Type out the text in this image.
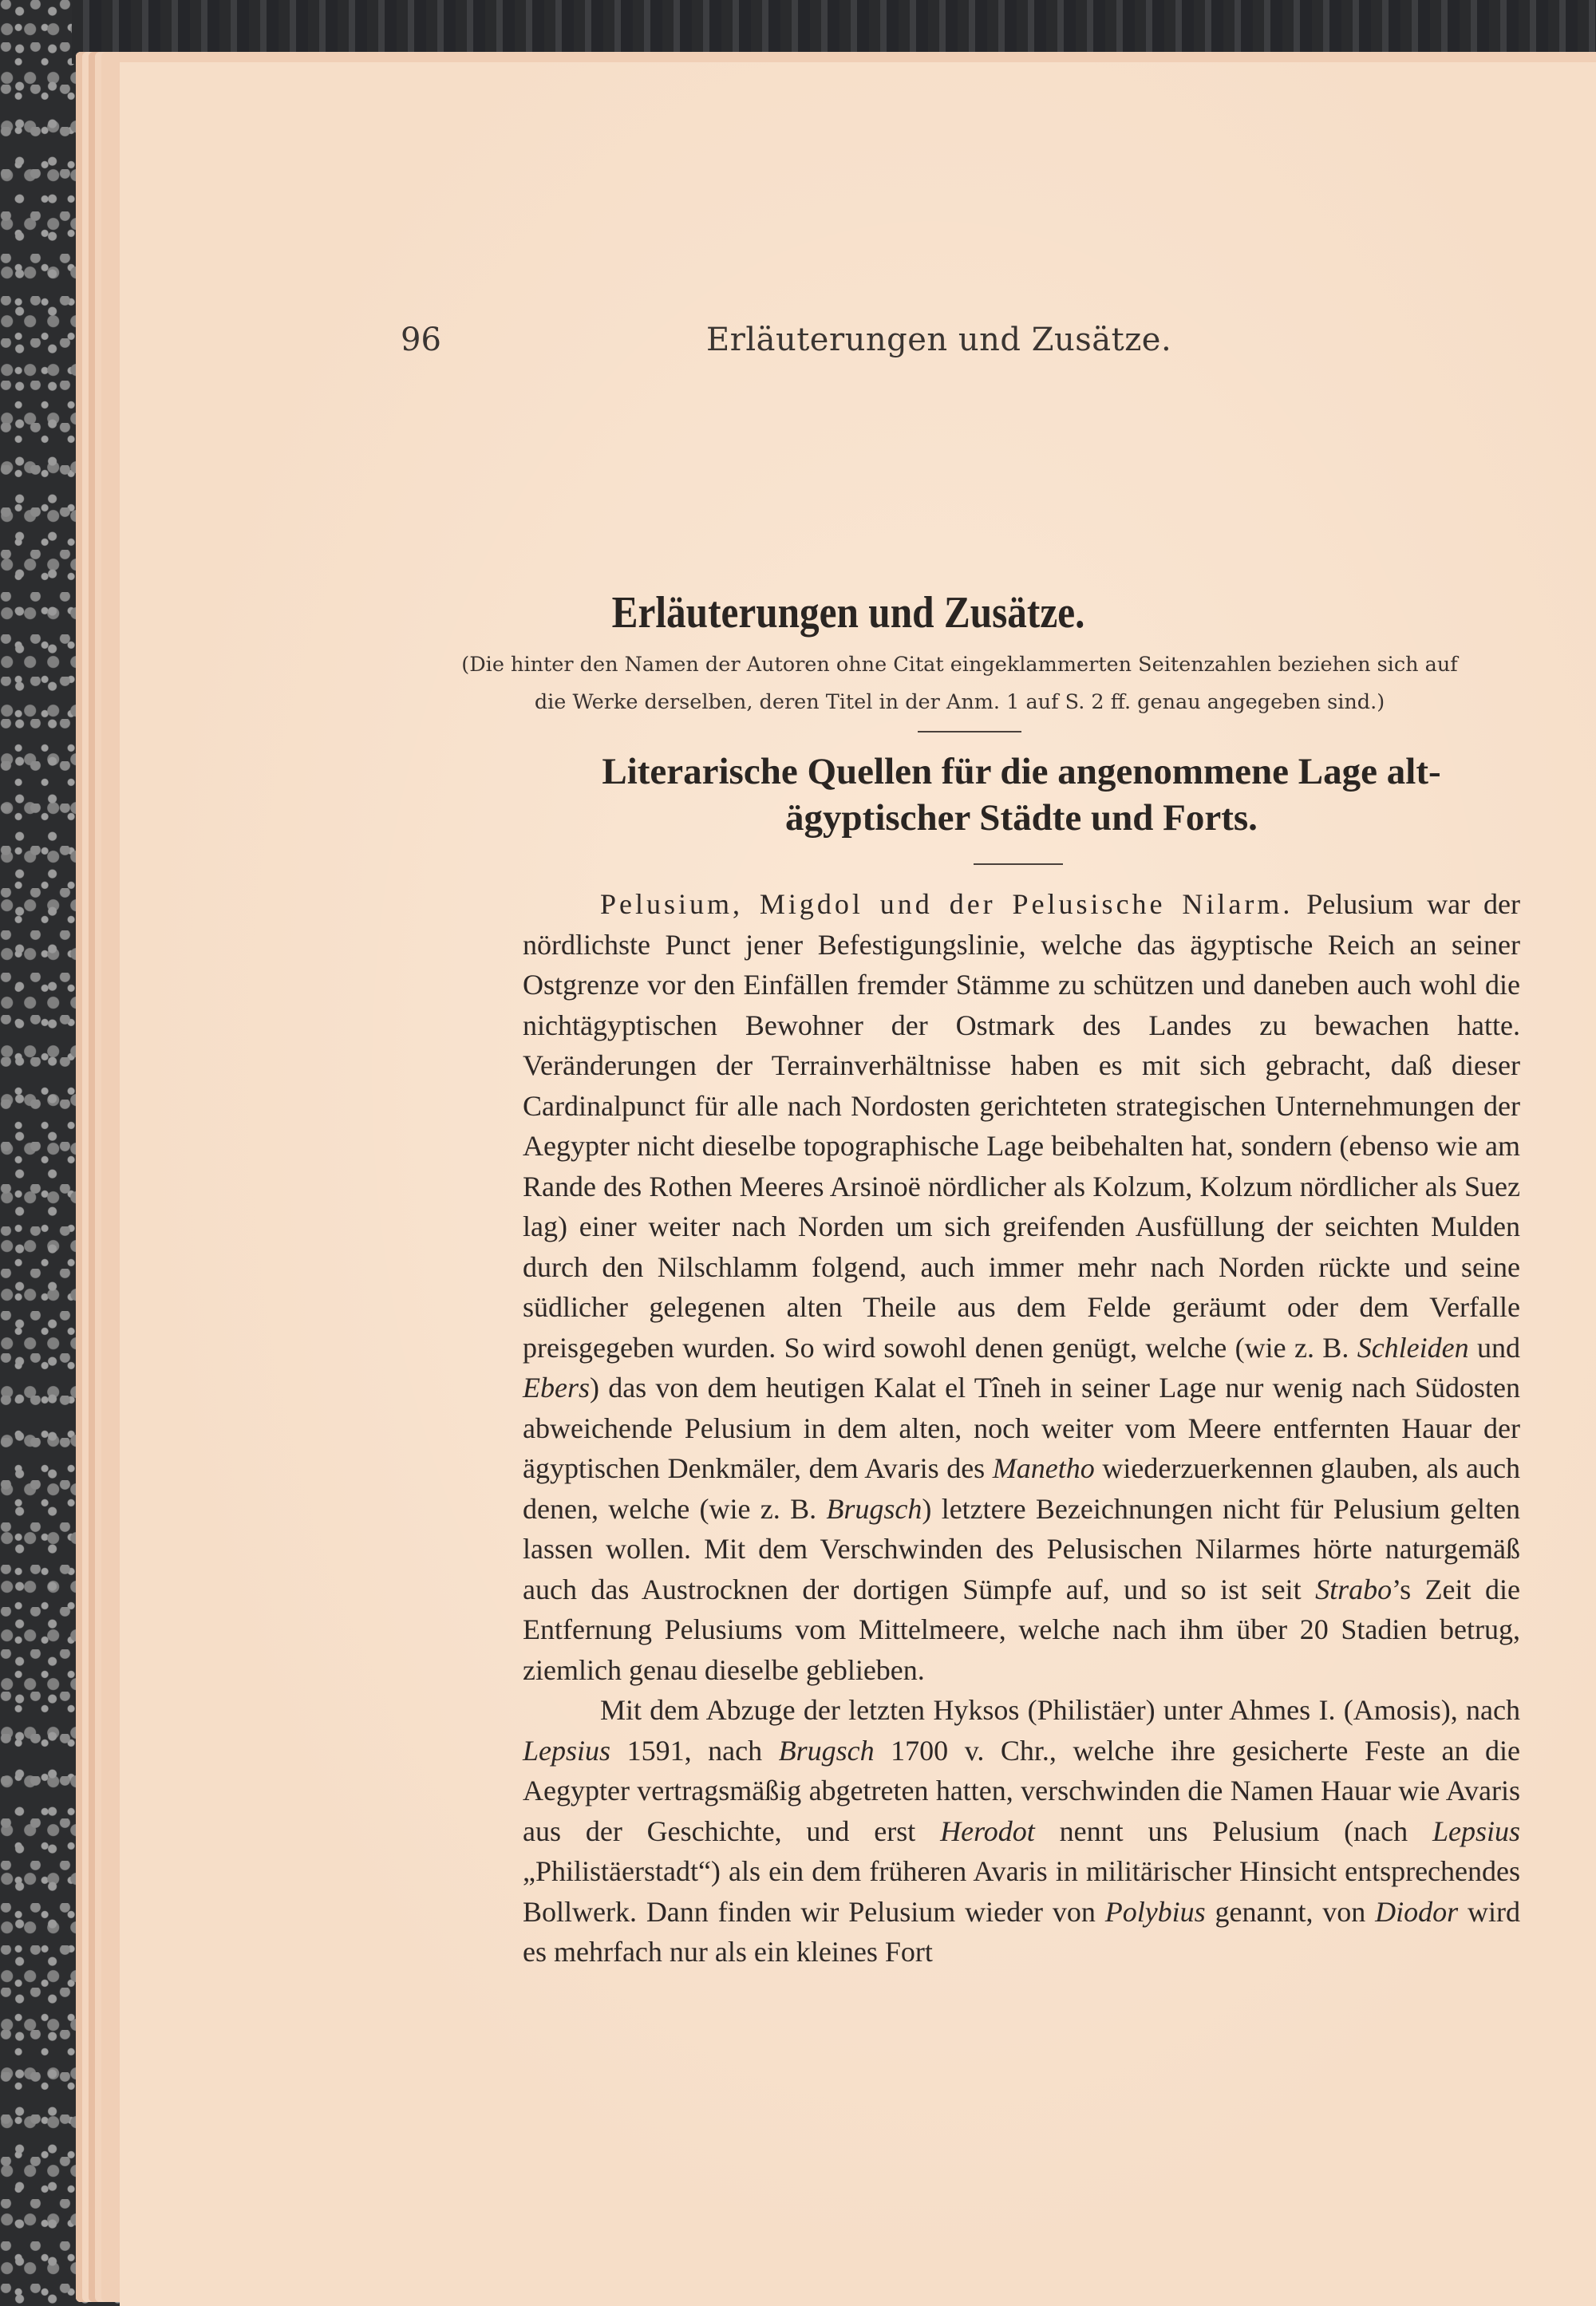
96	Erläuterungen und Zusätze.
Erläuterungen und Zusätze.
(Die hinter den Namen der Autoren ohne Citat eingeklammerten Seitenzahlen beziehen sich auf
die Werke derselben, deren Titel in der Anm. 1 auf S. 2 ff. genau angegeben sind.)
Literarische Quellen für die angenommene Lage alt-
ägyptischer Städte und Forts.

Pelusium, Migdol und der Pelusische Nilarm. Pelusium war der nördlichste Punct jener Befestigungslinie, welche das ägyptische Reich an seiner Ostgrenze vor den Einfällen fremder Stämme zu schützen und daneben auch wohl die nichtägyptischen Bewohner der Ostmark des Landes zu bewachen hatte. Veränderungen der Terrainverhältnisse haben es mit sich gebracht, daß dieser Cardinalpunct für alle nach Nordosten gerichteten strategischen Unternehmungen der Aegypter nicht dieselbe topographische Lage beibehalten hat, sondern (ebenso wie am Rande des Rothen Meeres Arsinoë nördlicher als Kolzum, Kolzum nördlicher als Suez lag) einer weiter nach Norden um sich greifenden Ausfüllung der seichten Mulden durch den Nilschlamm folgend, auch immer mehr nach Norden rückte und seine südlicher gelegenen alten Theile aus dem Felde geräumt oder dem Verfalle preisgegeben wurden. So wird sowohl denen genügt, welche (wie z. B. Schleiden und Ebers) das von dem heutigen Kalat el Tîneh in seiner Lage nur wenig nach Südosten abweichende Pelusium in dem alten, noch weiter vom Meere entfernten Hauar der ägyptischen Denkmäler, dem Avaris des Manetho wiederzuerkennen glauben, als auch denen, welche (wie z. B. Brugsch) letztere Bezeichnungen nicht für Pelusium gelten lassen wollen. Mit dem Verschwinden des Pelusischen Nilarmes hörte naturgemäß auch das Austrocknen der dortigen Sümpfe auf, und so ist seit Strabo’s Zeit die Entfernung Pelusiums vom Mittelmeere, welche nach ihm über 20 Stadien betrug, ziemlich genau dieselbe geblieben.

Mit dem Abzuge der letzten Hyksos (Philistäer) unter Ahmes I. (Amosis), nach Lepsius 1591, nach Brugsch 1700 v. Chr., welche ihre gesicherte Feste an die Aegypter vertragsmäßig abgetreten hatten, verschwinden die Namen Hauar wie Avaris aus der Geschichte, und erst Herodot nennt uns Pelusium (nach Lepsius „Philistäerstadt“) als ein dem früheren Avaris in militärischer Hinsicht entsprechendes Bollwerk. Dann finden wir Pelusium wieder von Polybius genannt, von Diodor wird es mehrfach nur als ein kleines Fort
